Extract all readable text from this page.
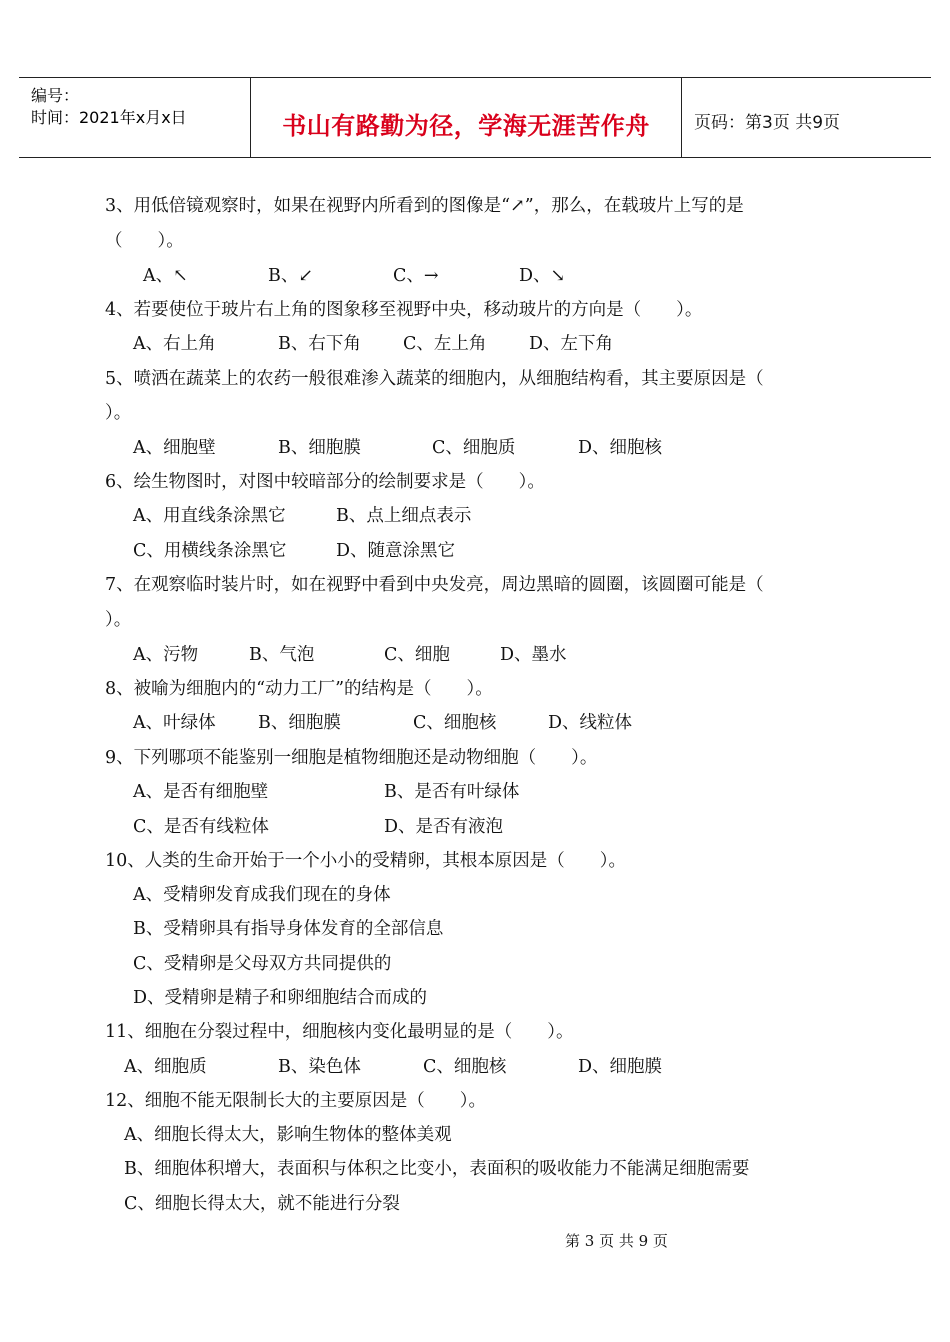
编号：
时间：2021年x月x日	书山有路勤为径，学海无涯苦作舟	页码：第3页 共9页
3、用低倍镜观察时，如果在视野内所看到的图像是“↗”，那么，在载玻片上写的是
（　　）。
A、↖	B、↙	C、→	D、↘
4、若要使位于玻片右上角的图象移至视野中央，移动玻片的方向是（　　）。
A、右上角	B、右下角 C、左上角 D、左下角
5、喷洒在蔬菜上的农药一般很难渗入蔬菜的细胞内，从细胞结构看，其主要原因是（
）。
A、细胞壁	B、细胞膜	C、细胞质	D、细胞核
6、绘生物图时，对图中较暗部分的绘制要求是（　　）。
A、用直线条涂黑它	B、点上细点表示
C、用横线条涂黑它	D、随意涂黑它
7、在观察临时装片时，如在视野中看到中央发亮，周边黑暗的圆圈，该圆圈可能是（
）。
A、污物	B、气泡	C、细胞	D、墨水
8、被喻为细胞内的“动力工厂”的结构是（　　）。
A、叶绿体 B、细胞膜	C、细胞核	D、线粒体
9、下列哪项不能鉴别一细胞是植物细胞还是动物细胞（　　）。
A、是否有细胞壁	B、是否有叶绿体
C、是否有线粒体	D、是否有液泡
10、人类的生命开始于一个小小的受精卵，其根本原因是（　　）。
A、受精卵发育成我们现在的身体
B、受精卵具有指导身体发育的全部信息
C、受精卵是父母双方共同提供的
D、受精卵是精子和卵细胞结合而成的
11、细胞在分裂过程中，细胞核内变化最明显的是（　　）。
A、细胞质	B、染色体	C、细胞核	D、细胞膜
12、细胞不能无限制长大的主要原因是（　　）。
A、细胞长得太大，影响生物体的整体美观
B、细胞体积增大，表面积与体积之比变小，表面积的吸收能力不能满足细胞需要
C、细胞长得太大，就不能进行分裂
第 3 页 共 9 页
